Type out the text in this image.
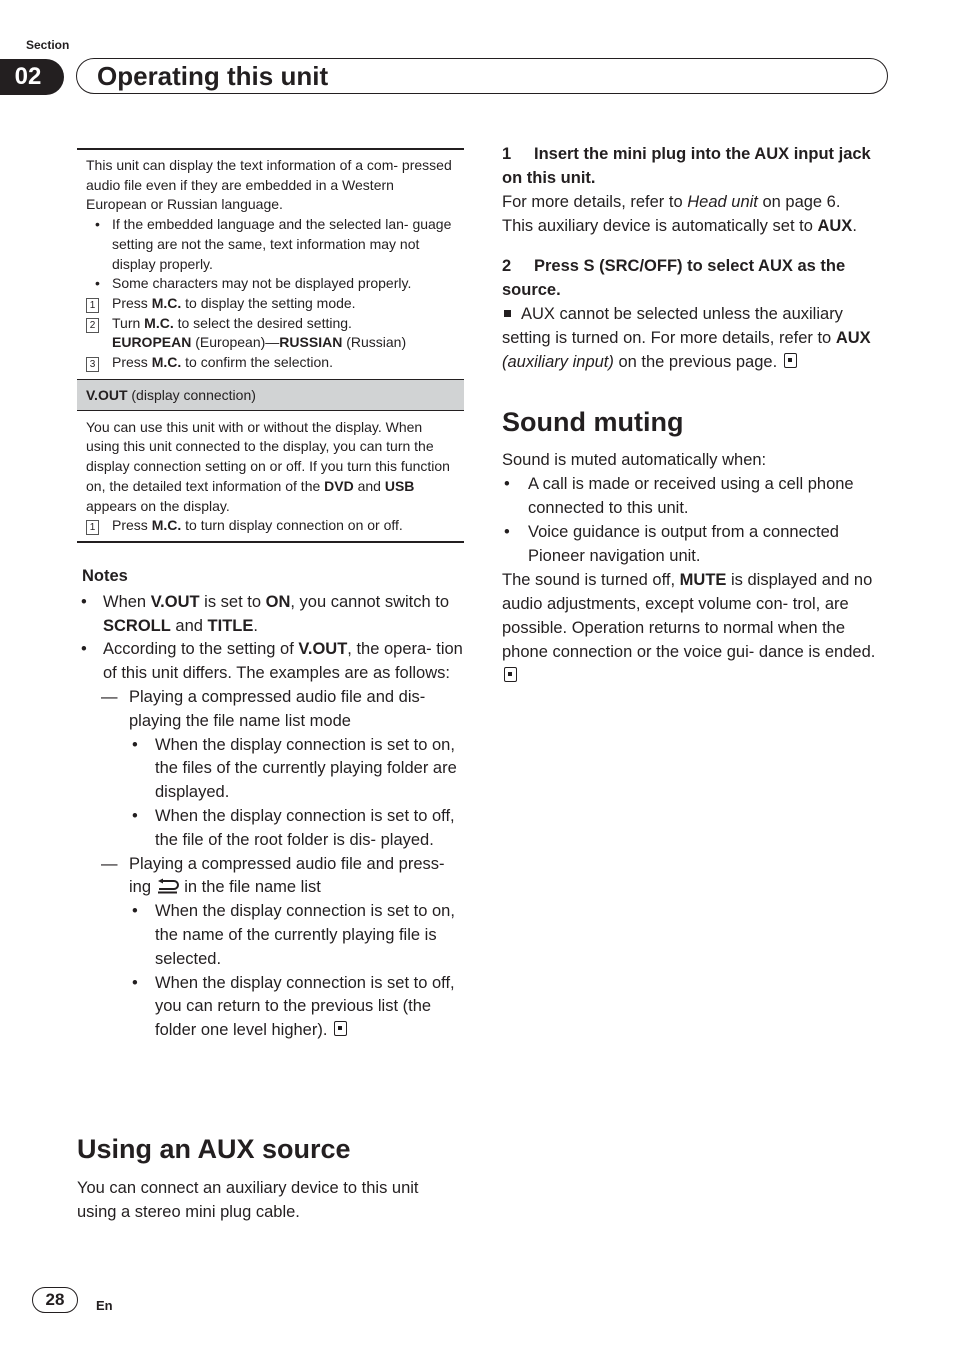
Section
02	Operating this unit
This unit can display the text information of a com- pressed audio file even if they are embedded in a Western European or Russian language.
• If the embedded language and the selected lan- guage setting are not the same, text information may not display properly.
• Some characters may not be displayed properly.
1 Press M.C. to display the setting mode.
2 Turn M.C. to select the desired setting.
EUROPEAN (European)—RUSSIAN (Russian)
3 Press M.C. to confirm the selection.
V.OUT (display connection)
You can use this unit with or without the display. When using this unit connected to the display, you can turn the display connection setting on or off. If you turn this function on, the detailed text information of the DVD and USB appears on the display.
1 Press M.C. to turn display connection on or off.
Notes
• When V.OUT is set to ON, you cannot switch to SCROLL and TITLE.
• According to the setting of V.OUT, the opera- tion of this unit differs. The examples are as follows:
— Playing a compressed audio file and dis- playing the file name list mode
• When the display connection is set to on, the files of the currently playing folder are displayed.
• When the display connection is set to off, the file of the root folder is dis- played.
— Playing a compressed audio file and press- ing  in the file name list
• When the display connection is set to on, the name of the currently playing file is selected.
• When the display connection is set to off, you can return to the previous list (the folder one level higher).
Using an AUX source
You can connect an auxiliary device to this unit using a stereo mini plug cable.
1 Insert the mini plug into the AUX input jack on this unit.
For more details, refer to Head unit on page 6.
This auxiliary device is automatically set to AUX.
2 Press S (SRC/OFF) to select AUX as the source.
AUX cannot be selected unless the auxiliary setting is turned on. For more details, refer to AUX (auxiliary input) on the previous page.
Sound muting
Sound is muted automatically when:
• A call is made or received using a cell phone connected to this unit.
• Voice guidance is output from a connected Pioneer navigation unit.
The sound is turned off, MUTE is displayed and no audio adjustments, except volume con- trol, are possible. Operation returns to normal when the phone connection or the voice gui- dance is ended.
28	En
